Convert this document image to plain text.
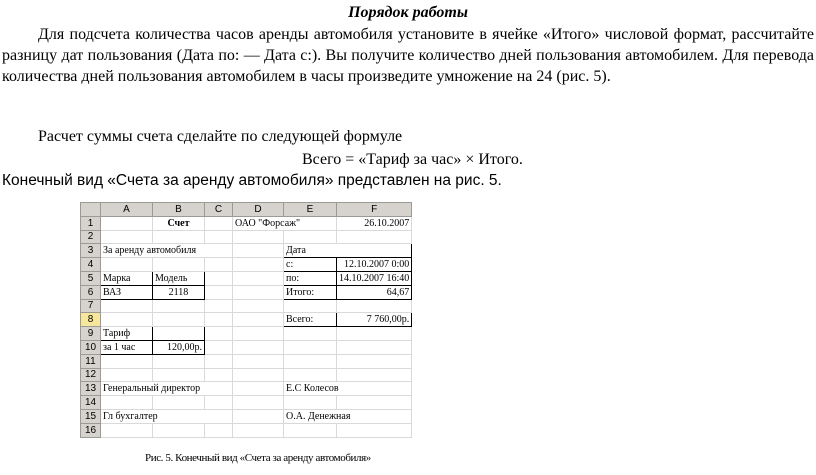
Порядок работы
Для подсчета количества часов аренды автомобиля установите в ячейке «Итого» числовой формат, рассчитайте разницу дат пользования (Дата по: — Дата с:). Вы получите количество дней пользования автомобилем. Для перевода количества дней пользования автомобилем в часы произведите умножение на 24 (рис. 5).
Расчет суммы счета сделайте по следующей формуле
Всего = «Тариф за час» × Итого.
Конечный вид «Счета за аренду автомобиля» представлен на рис. 5.
	A	B	C	D	E	F
1		Счет		ОАО "Форсаж"		26.10.2007
2						
3	За аренду автомобиля				Дата	
4					с:	12.10.2007 0:00
5	Марка	Модель			по:	14.10.2007 16:40
6	ВАЗ	2118			Итого:	64,67
7						
8					Всего:	7 760,00р.
9	Тариф					
10	за 1 час	120,00р.				
11						
12						
13	Генеральный директор				Е.С Колесов	
14						
15	Гл бухгалтер				О.А. Денежная	
16						
Рис. 5. Конечный вид «Счета за аренду автомобиля»
